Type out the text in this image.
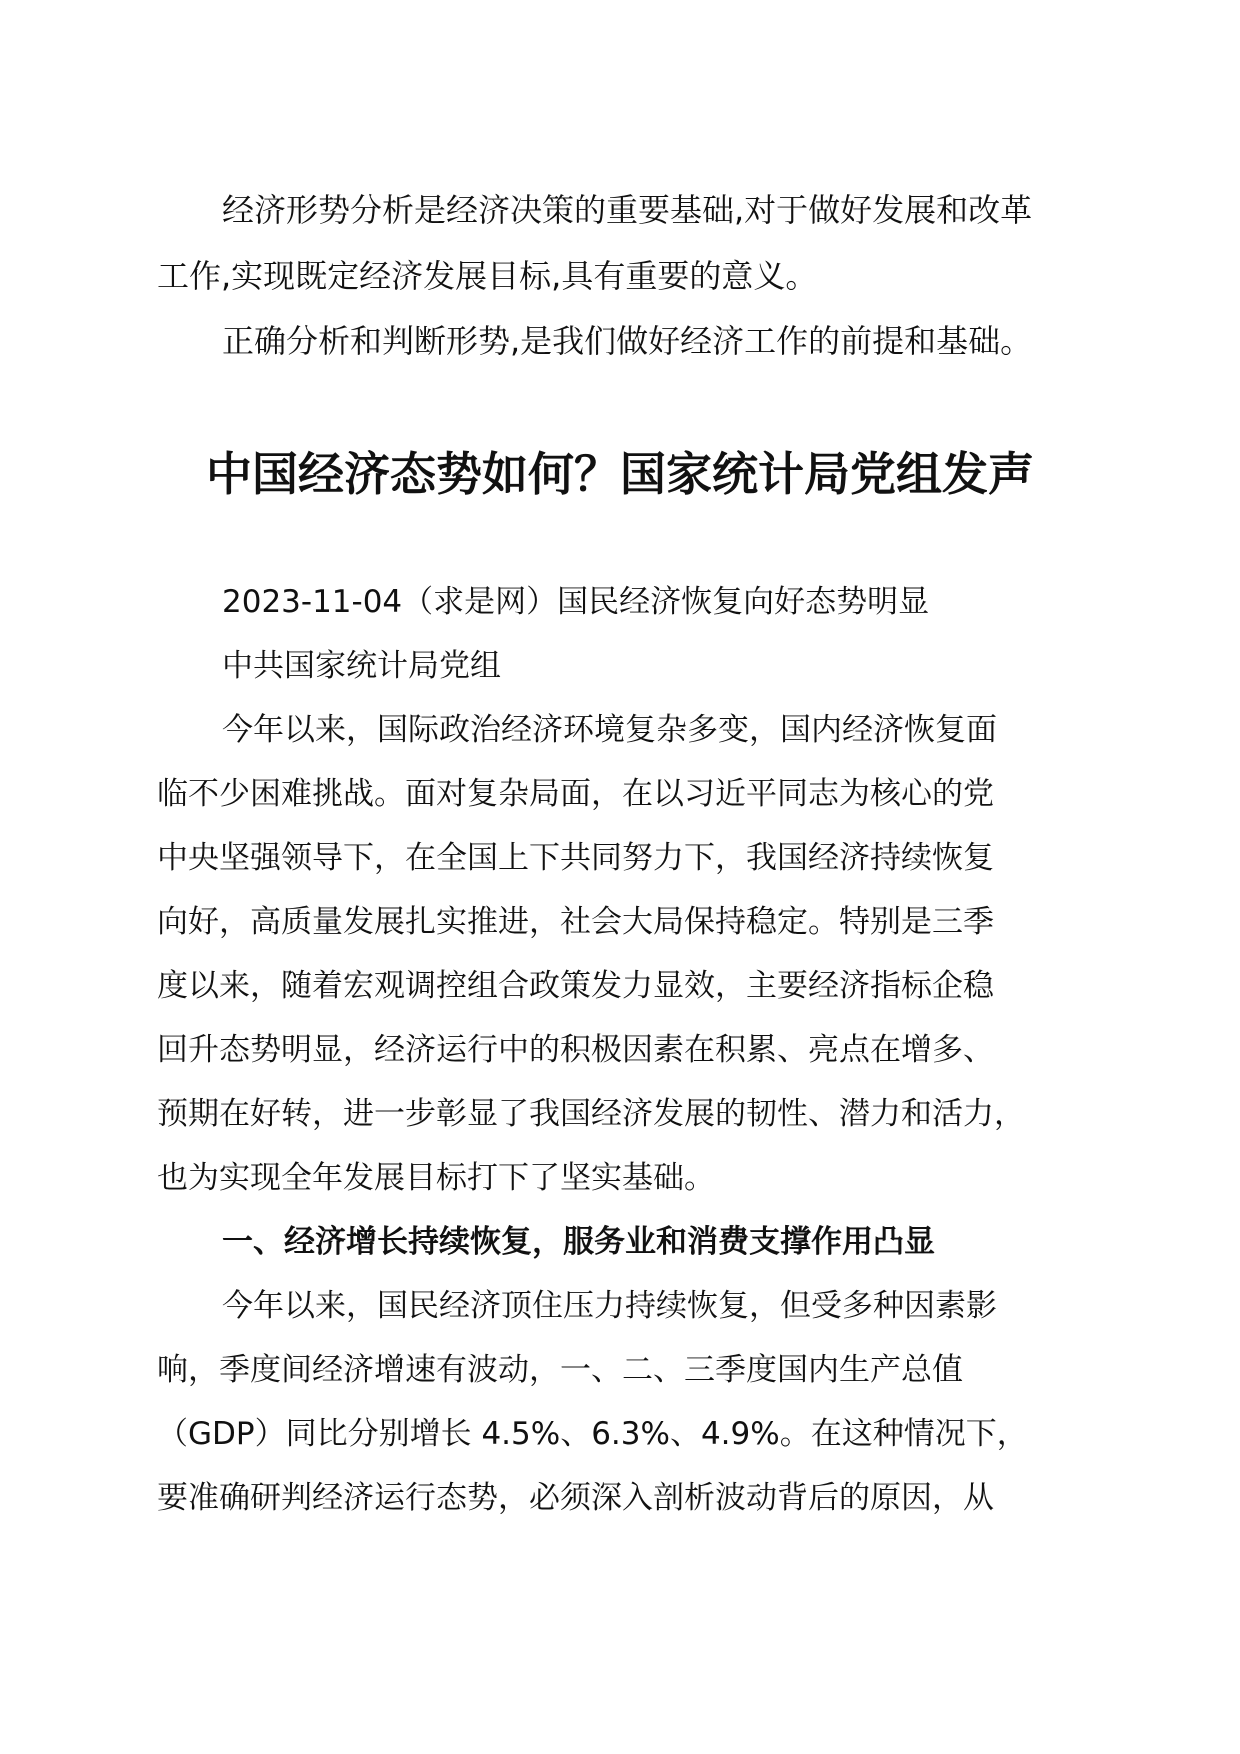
经济形势分析是经济决策的重要基础,对于做好发展和改革
工作,实现既定经济发展目标,具有重要的意义。
正确分析和判断形势,是我们做好经济工作的前提和基础。
中国经济态势如何？国家统计局党组发声
2023-11-04（求是网）国民经济恢复向好态势明显
中共国家统计局党组
今年以来，国际政治经济环境复杂多变，国内经济恢复面
临不少困难挑战。面对复杂局面，在以习近平同志为核心的党
中央坚强领导下，在全国上下共同努力下，我国经济持续恢复
向好，高质量发展扎实推进，社会大局保持稳定。特别是三季
度以来，随着宏观调控组合政策发力显效，主要经济指标企稳
回升态势明显，经济运行中的积极因素在积累、亮点在增多、
预期在好转，进一步彰显了我国经济发展的韧性、潜力和活力，
也为实现全年发展目标打下了坚实基础。
一、经济增长持续恢复，服务业和消费支撑作用凸显
今年以来，国民经济顶住压力持续恢复，但受多种因素影
响，季度间经济增速有波动，一、二、三季度国内生产总值
（GDP）同比分别增长 4.5%、6.3%、4.9%。在这种情况下，
要准确研判经济运行态势，必须深入剖析波动背后的原因，从
